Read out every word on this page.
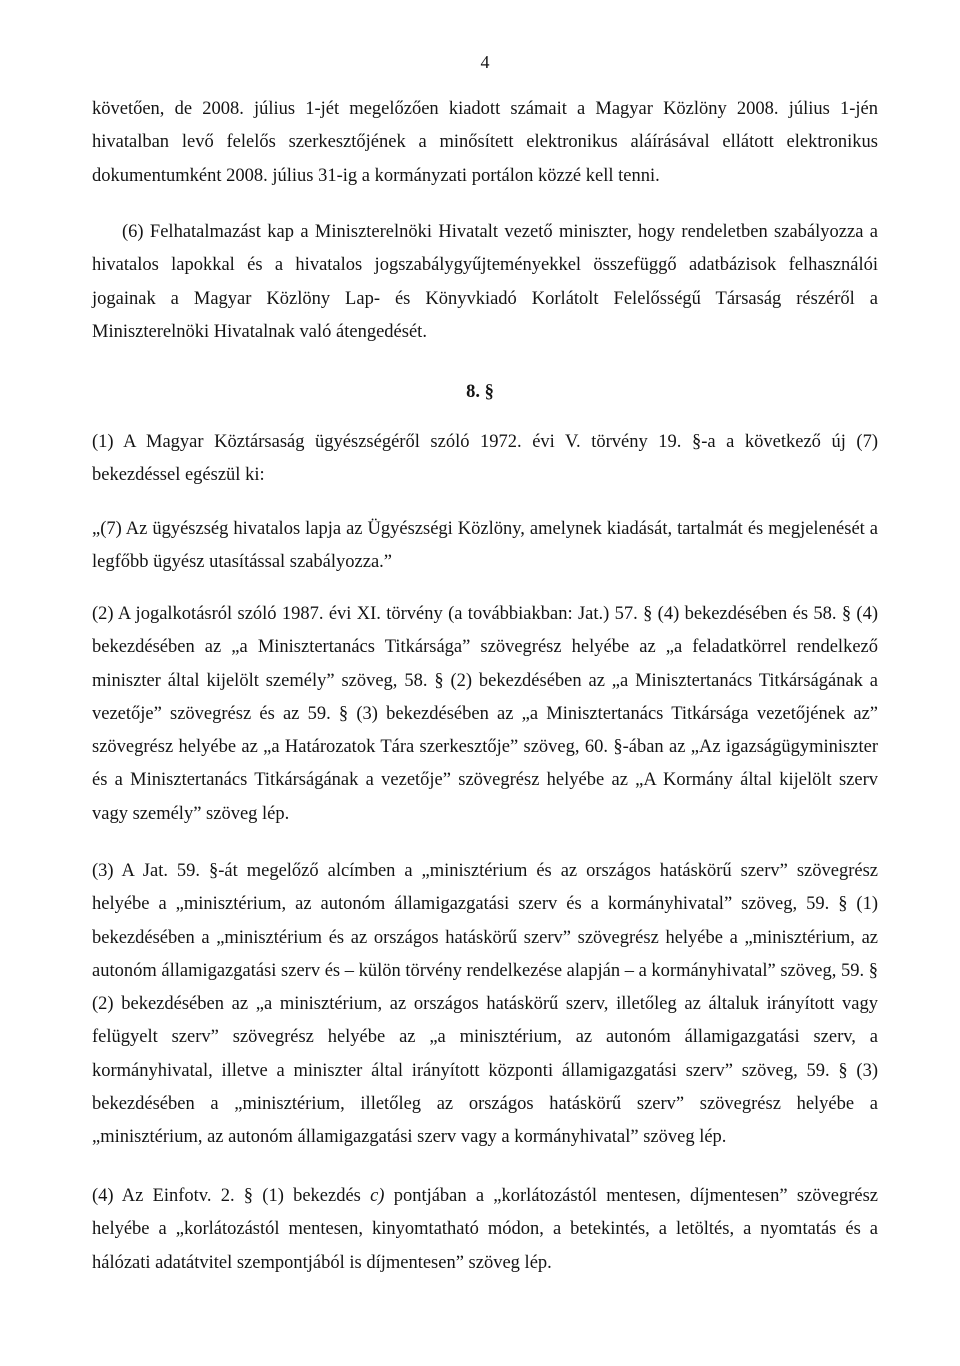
4

követően, de 2008. július 1-jét megelőzően kiadott számait a Magyar Közlöny 2008. július 1-jén hivatalban levő felelős szerkesztőjének a minősített elektronikus aláírásával ellátott elektronikus dokumentumként 2008. július 31-ig a kormányzati portálon közzé kell tenni.

(6) Felhatalmazást kap a Miniszterelnöki Hivatalt vezető miniszter, hogy rendeletben szabályozza a hivatalos lapokkal és a hivatalos jogszabálygyűjteményekkel összefüggő adatbázisok felhasználói jogainak a Magyar Közlöny Lap- és Könyvkiadó Korlátolt Felelősségű Társaság részéről a Miniszterelnöki Hivatalnak való átengedését.

8. §

(1) A Magyar Köztársaság ügyészségéről szóló 1972. évi V. törvény 19. §-a a következő új (7) bekezdéssel egészül ki:

„(7) Az ügyészség hivatalos lapja az Ügyészségi Közlöny, amelynek kiadását, tartalmát és megjelenését a legfőbb ügyész utasítással szabályozza.”

(2) A jogalkotásról szóló 1987. évi XI. törvény (a továbbiakban: Jat.) 57. § (4) bekezdésében és 58. § (4) bekezdésében az „a Minisztertanács Titkársága” szövegrész helyébe az „a feladatkörrel rendelkező miniszter által kijelölt személy” szöveg, 58. § (2) bekezdésében az „a Minisztertanács Titkárságának a vezetője” szövegrész és az 59. § (3) bekezdésében az „a Minisztertanács Titkársága vezetőjének az” szövegrész helyébe az „a Határozatok Tára szerkesztője” szöveg, 60. §-ában az „Az igazságügyminiszter és a Minisztertanács Titkárságának a vezetője” szövegrész helyébe az „A Kormány által kijelölt szerv vagy személy” szöveg lép.

(3) A Jat. 59. §-át megelőző alcímben a „minisztérium és az országos hatáskörű szerv” szövegrész helyébe a „minisztérium, az autonóm államigazgatási szerv és a kormányhivatal” szöveg, 59. § (1) bekezdésében a „minisztérium és az országos hatáskörű szerv” szövegrész helyébe a „minisztérium, az autonóm államigazgatási szerv és – külön törvény rendelkezése alapján – a kormányhivatal” szöveg, 59. § (2) bekezdésében az „a minisztérium, az országos hatáskörű szerv, illetőleg az általuk irányított vagy felügyelt szerv” szövegrész helyébe az „a minisztérium, az autonóm államigazgatási szerv, a kormányhivatal, illetve a miniszter által irányított központi államigazgatási szerv” szöveg, 59. § (3) bekezdésében a „minisztérium, illetőleg az országos hatáskörű szerv” szövegrész helyébe a „minisztérium, az autonóm államigazgatási szerv vagy a kormányhivatal” szöveg lép.

(4) Az Einfotv. 2. § (1) bekezdés c) pontjában a „korlátozástól mentesen, díjmentesen” szövegrész helyébe a „korlátozástól mentesen, kinyomtatható módon, a betekintés, a letöltés, a nyomtatás és a hálózati adatátvitel szempontjából is díjmentesen” szöveg lép.
